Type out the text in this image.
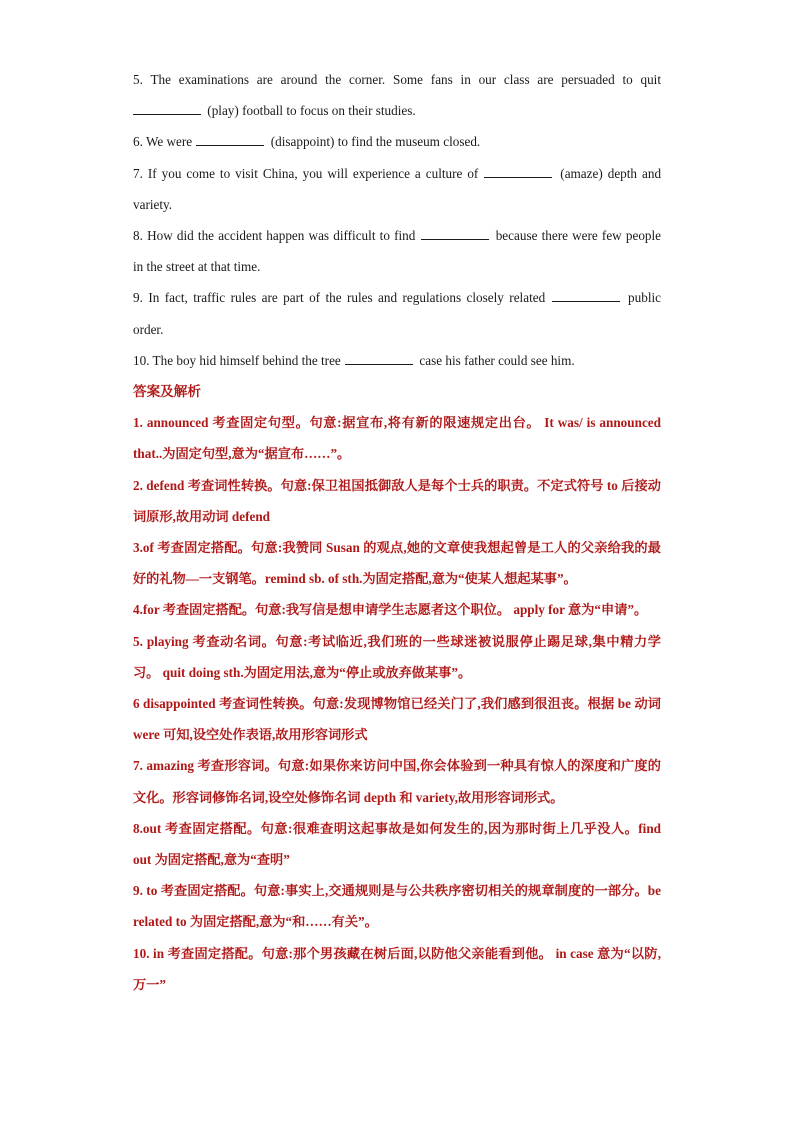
5. The examinations are around the corner. Some fans in our class are persuaded to quit  (play) football to focus on their studies.
6. We were	(disappoint) to find the museum closed.
7. If you come to visit China, you will experience a culture of	(amaze) depth and variety.
8. How did the accident happen was difficult to find	because there were few people in the street at that time.
9. In fact, traffic rules are part of the rules and regulations closely related	public order.
10. The boy hid himself behind the tree	case his father could see him.
答案及解析
1. announced 考查固定句型。句意:据宣布,将有新的限速规定出台。 It was/ is announced that..为固定句型,意为“据宣布……”。
2. defend 考查词性转换。句意:保卫祖国抵御敌人是每个士兵的职责。不定式符号 to 后接动词原形,故用动词 defend
3.of 考查固定搭配。句意:我赞同 Susan 的观点,她的文章使我想起曾是工人的父亲给我的最好的礼物—一支钢笔。remind sb. of sth.为固定搭配,意为“使某人想起某事”。
4.for 考查固定搭配。句意:我写信是想申请学生志愿者这个职位。 apply for 意为“申请”。
5. playing 考查动名词。句意:考试临近,我们班的一些球迷被说服停止踢足球,集中精力学习。 quit doing sth.为固定用法,意为“停止或放弃做某事”。
6 disappointed 考查词性转换。句意:发现博物馆已经关门了,我们感到很沮丧。根据 be 动词 were 可知,设空处作表语,故用形容词形式
7. amazing 考查形容词。句意:如果你来访问中国,你会体验到一种具有惊人的深度和广度的文化。形容词修饰名词,设空处修饰名词 depth 和 variety,故用形容词形式。
8.out 考查固定搭配。句意:很难查明这起事故是如何发生的,因为那时街上几乎没人。find out 为固定搭配,意为“查明”
9. to 考查固定搭配。句意:事实上,交通规则是与公共秩序密切相关的规章制度的一部分。be related to 为固定搭配,意为“和……有关”。
10. in 考查固定搭配。句意:那个男孩藏在树后面,以防他父亲能看到他。 in case 意为“以防,万一”
